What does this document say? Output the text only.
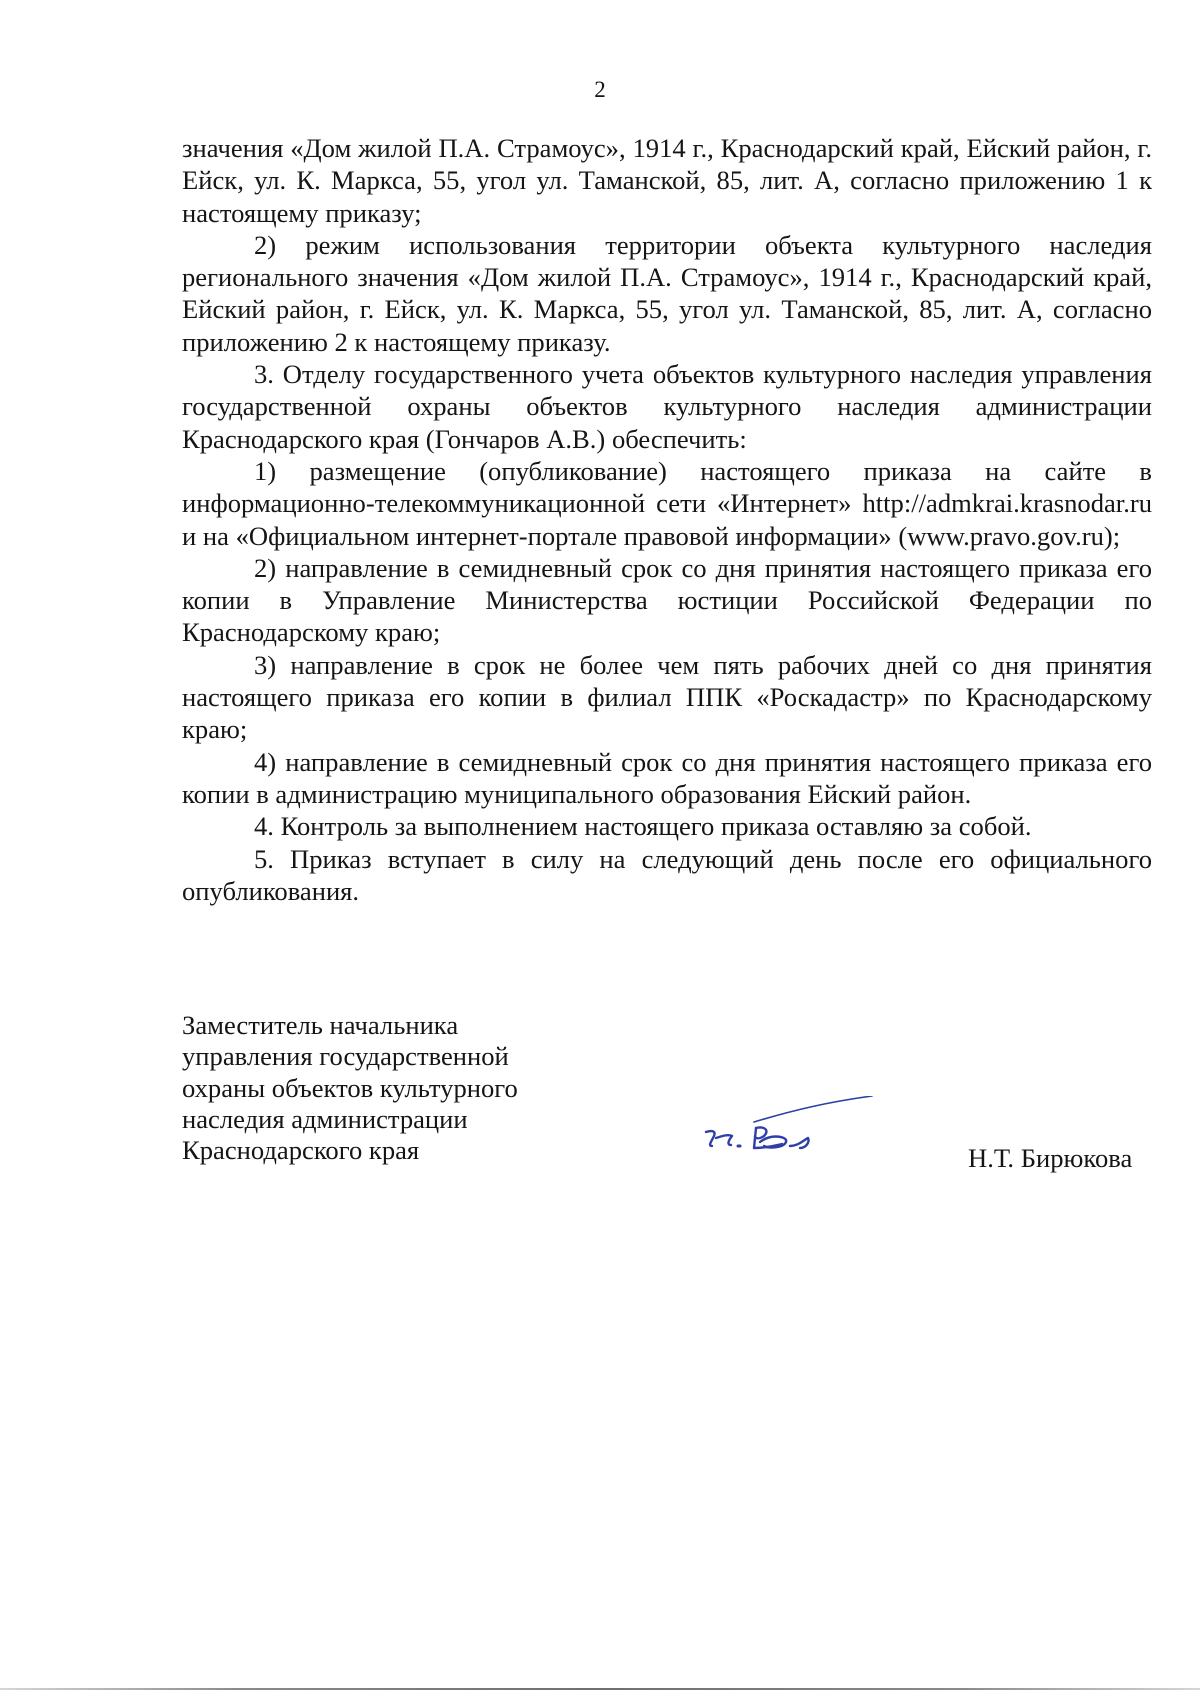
2

значения «Дом жилой П.А. Страмоус», 1914 г., Краснодарский край, Ейский район, г. Ейск, ул. К. Маркса, 55, угол ул. Таманской, 85, лит. А, согласно приложению 1 к настоящему приказу;

2) режим использования территории объекта культурного наследия регионального значения «Дом жилой П.А. Страмоус», 1914 г., Краснодарский край, Ейский район, г. Ейск, ул. К. Маркса, 55, угол ул. Таманской, 85, лит. А, согласно приложению 2 к настоящему приказу.

3. Отделу государственного учета объектов культурного наследия управления государственной охраны объектов культурного наследия администрации Краснодарского края (Гончаров А.В.) обеспечить:

1) размещение (опубликование) настоящего приказа на сайте в информационно-телекоммуникационной сети «Интернет» http://admkrai.krasnodar.ru и на «Официальном интернет-портале правовой информации» (www.pravo.gov.ru);

2) направление в семидневный срок со дня принятия настоящего приказа его копии в Управление Министерства юстиции Российской Федерации по Краснодарскому краю;

3) направление в срок не более чем пять рабочих дней со дня принятия настоящего приказа его копии в филиал ППК «Роскадастр» по Краснодарскому краю;

4) направление в семидневный срок со дня принятия настоящего приказа его копии в администрацию муниципального образования Ейский район.

4. Контроль за выполнением настоящего приказа оставляю за собой.

5. Приказ вступает в силу на следующий день после его официального опубликования.

Заместитель начальника
управления государственной
охраны объектов культурного
наследия администрации
Краснодарского края	Н.Т. Бирюкова
